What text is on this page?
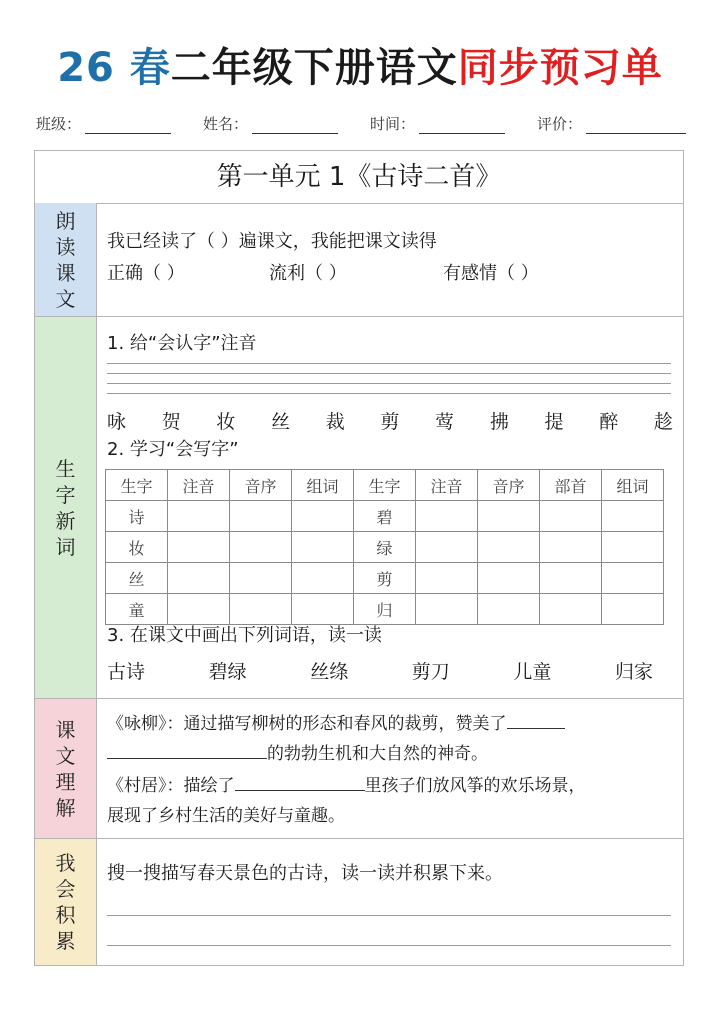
26 春二年级下册语文同步预习单
班级：	姓名：	时间：	评价：
第一单元 1《古诗二首》
朗读课文
我已经读了（ ）遍课文，我能把课文读得
正确（ ）	流利（ ）	有感情（ ）
生字新词
1. 给“会认字”注音
咏 贺 妆 丝 裁 剪 莺 拂 提 醉 趁
2. 学习“会写字”
生字	注音	音序	组词	生字	注音	音序	部首	组词
诗				碧				
妆				绿				
丝				剪				
童				归				
3. 在课文中画出下列词语，读一读
古诗	碧绿	丝绦	剪刀	儿童	归家
课文理解
《咏柳》：通过描写柳树的形态和春风的裁剪，赞美了
的勃勃生机和大自然的神奇。
《村居》：描绘了	里孩子们放风筝的欢乐场景，
展现了乡村生活的美好与童趣。
我会积累
搜一搜描写春天景色的古诗，读一读并积累下来。
